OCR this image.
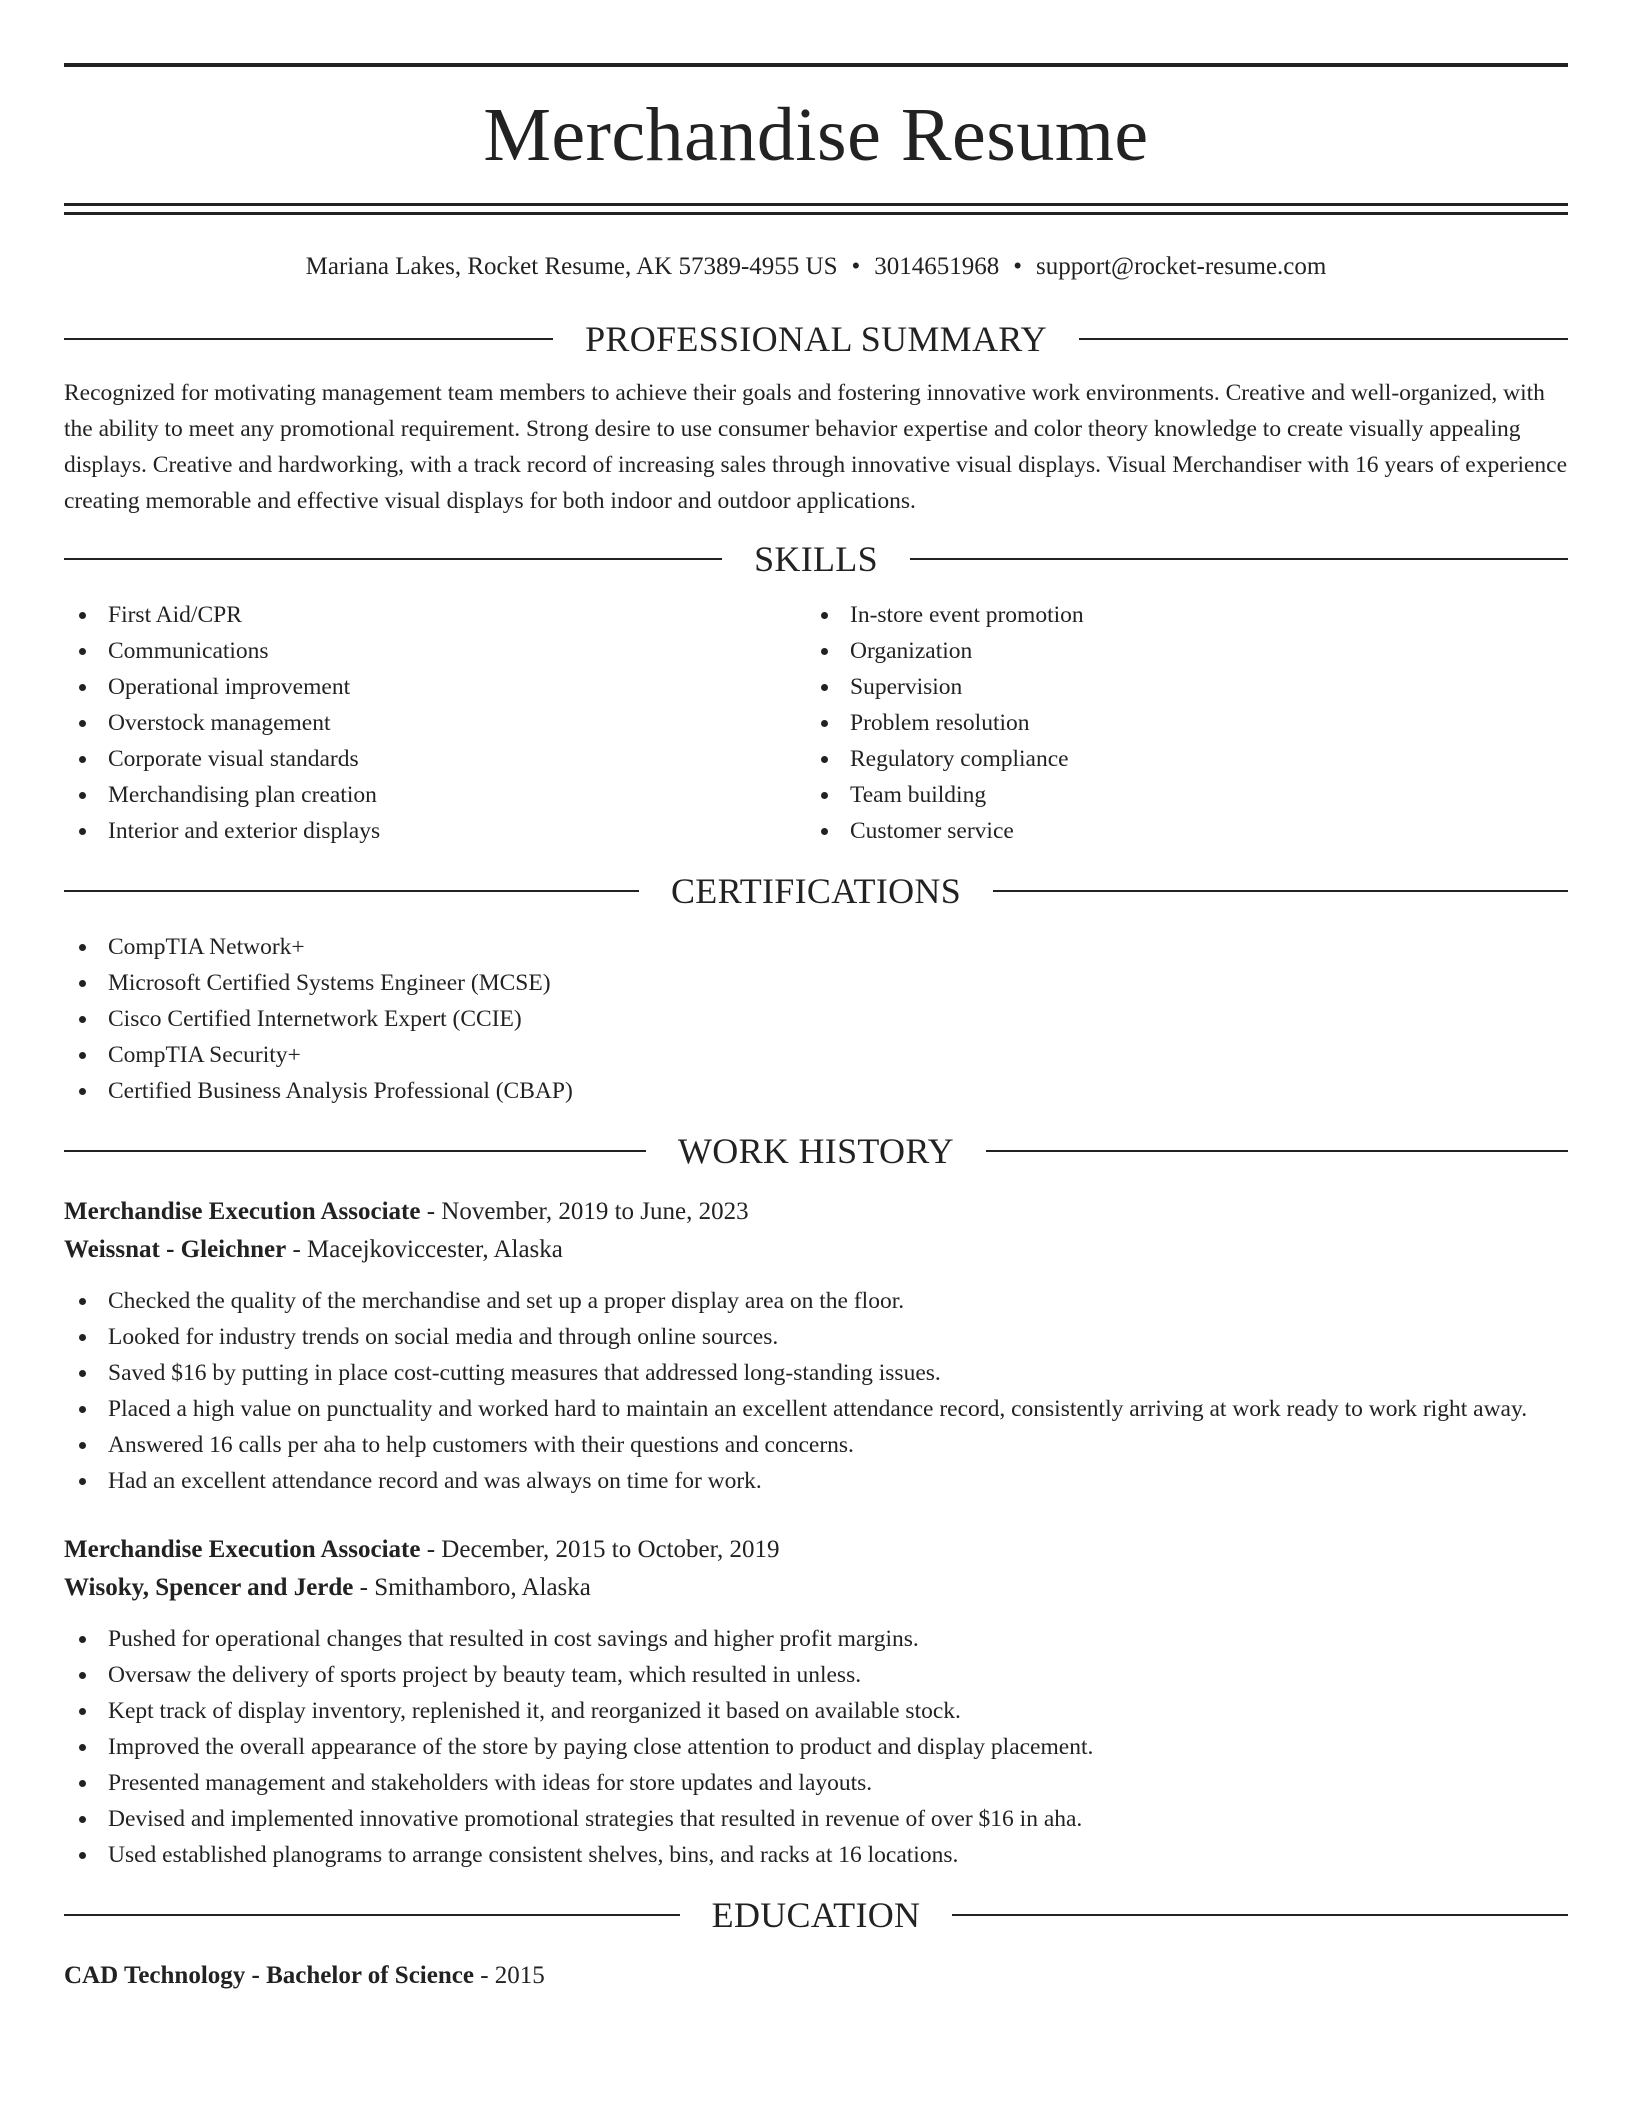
Merchandise Resume
Mariana Lakes, Rocket Resume, AK 57389-4955 US • 3014651968 • support@rocket-resume.com
PROFESSIONAL SUMMARY

Recognized for motivating management team members to achieve their goals and fostering innovative work environments. Creative and well-organized, with the ability to meet any promotional requirement. Strong desire to use consumer behavior expertise and color theory knowledge to create visually appealing displays. Creative and hardworking, with a track record of increasing sales through innovative visual displays. Visual Merchandiser with 16 years of experience creating memorable and effective visual displays for both indoor and outdoor applications.

SKILLS
First Aid/CPR
Communications
Operational improvement
Overstock management
Corporate visual standards
Merchandising plan creation
Interior and exterior displays
In-store event promotion
Organization
Supervision
Problem resolution
Regulatory compliance
Team building
Customer service
CERTIFICATIONS
CompTIA Network+
Microsoft Certified Systems Engineer (MCSE)
Cisco Certified Internetwork Expert (CCIE)
CompTIA Security+
Certified Business Analysis Professional (CBAP)
WORK HISTORY
Merchandise Execution Associate - November, 2019 to June, 2023
Weissnat - Gleichner - Macejkoviccester, Alaska
Checked the quality of the merchandise and set up a proper display area on the floor.
Looked for industry trends on social media and through online sources.
Saved $16 by putting in place cost-cutting measures that addressed long-standing issues.
Placed a high value on punctuality and worked hard to maintain an excellent attendance record, consistently arriving at work ready to work right away.
Answered 16 calls per aha to help customers with their questions and concerns.
Had an excellent attendance record and was always on time for work.
Merchandise Execution Associate - December, 2015 to October, 2019
Wisoky, Spencer and Jerde - Smithamboro, Alaska
Pushed for operational changes that resulted in cost savings and higher profit margins.
Oversaw the delivery of sports project by beauty team, which resulted in unless.
Kept track of display inventory, replenished it, and reorganized it based on available stock.
Improved the overall appearance of the store by paying close attention to product and display placement.
Presented management and stakeholders with ideas for store updates and layouts.
Devised and implemented innovative promotional strategies that resulted in revenue of over $16 in aha.
Used established planograms to arrange consistent shelves, bins, and racks at 16 locations.
EDUCATION
CAD Technology - Bachelor of Science - 2015
